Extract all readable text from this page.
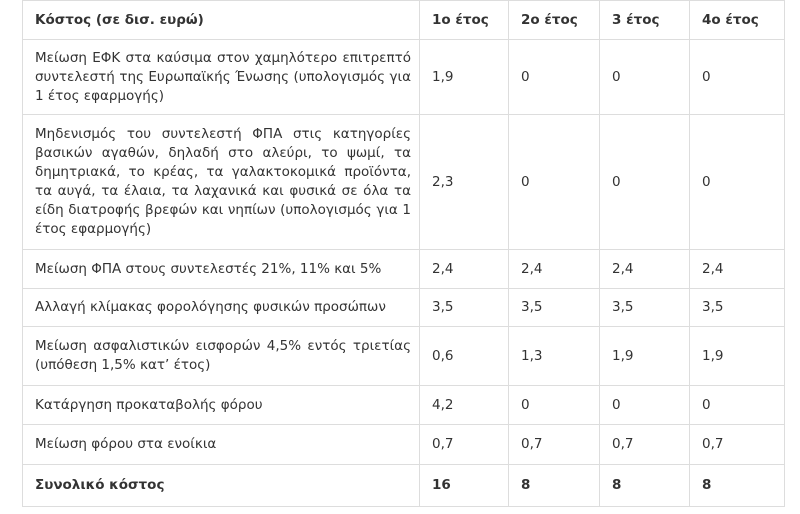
Κόστος (σε δισ. ευρώ)	1ο έτος	2ο έτος	3 έτος	4ο έτος
Μείωση ΕΦΚ στα καύσιμα στον χαμηλότερο επιτρεπτό συντελεστή της Ευρωπαϊκής Ένωσης (υπολογισμός για 1 έτος εφαρμογής)	1,9	0	0	0
Μηδενισμός του συντελεστή ΦΠΑ στις κατηγορίες βασικών αγαθών, δηλαδή στο αλεύρι, το ψωμί, τα δημητριακά, το κρέας, τα γαλακτοκομικά προϊόντα, τα αυγά, τα έλαια, τα λαχανικά και φυσικά σε όλα τα είδη διατροφής βρεφών και νηπίων (υπολογισμός για 1 έτος εφαρμογής)	2,3	0	0	0
Μείωση ΦΠΑ στους συντελεστές 21%, 11% και 5%	2,4	2,4	2,4	2,4
Αλλαγή κλίμακας φορολόγησης φυσικών προσώπων	3,5	3,5	3,5	3,5
Μείωση ασφαλιστικών εισφορών 4,5% εντός τριετίας (υπόθεση 1,5% κατ’ έτος)	0,6	1,3	1,9	1,9
Κατάργηση προκαταβολής φόρου	4,2	0	0	0
Μείωση φόρου στα ενοίκια	0,7	0,7	0,7	0,7
Συνολικό κόστος	16	8	8	8
